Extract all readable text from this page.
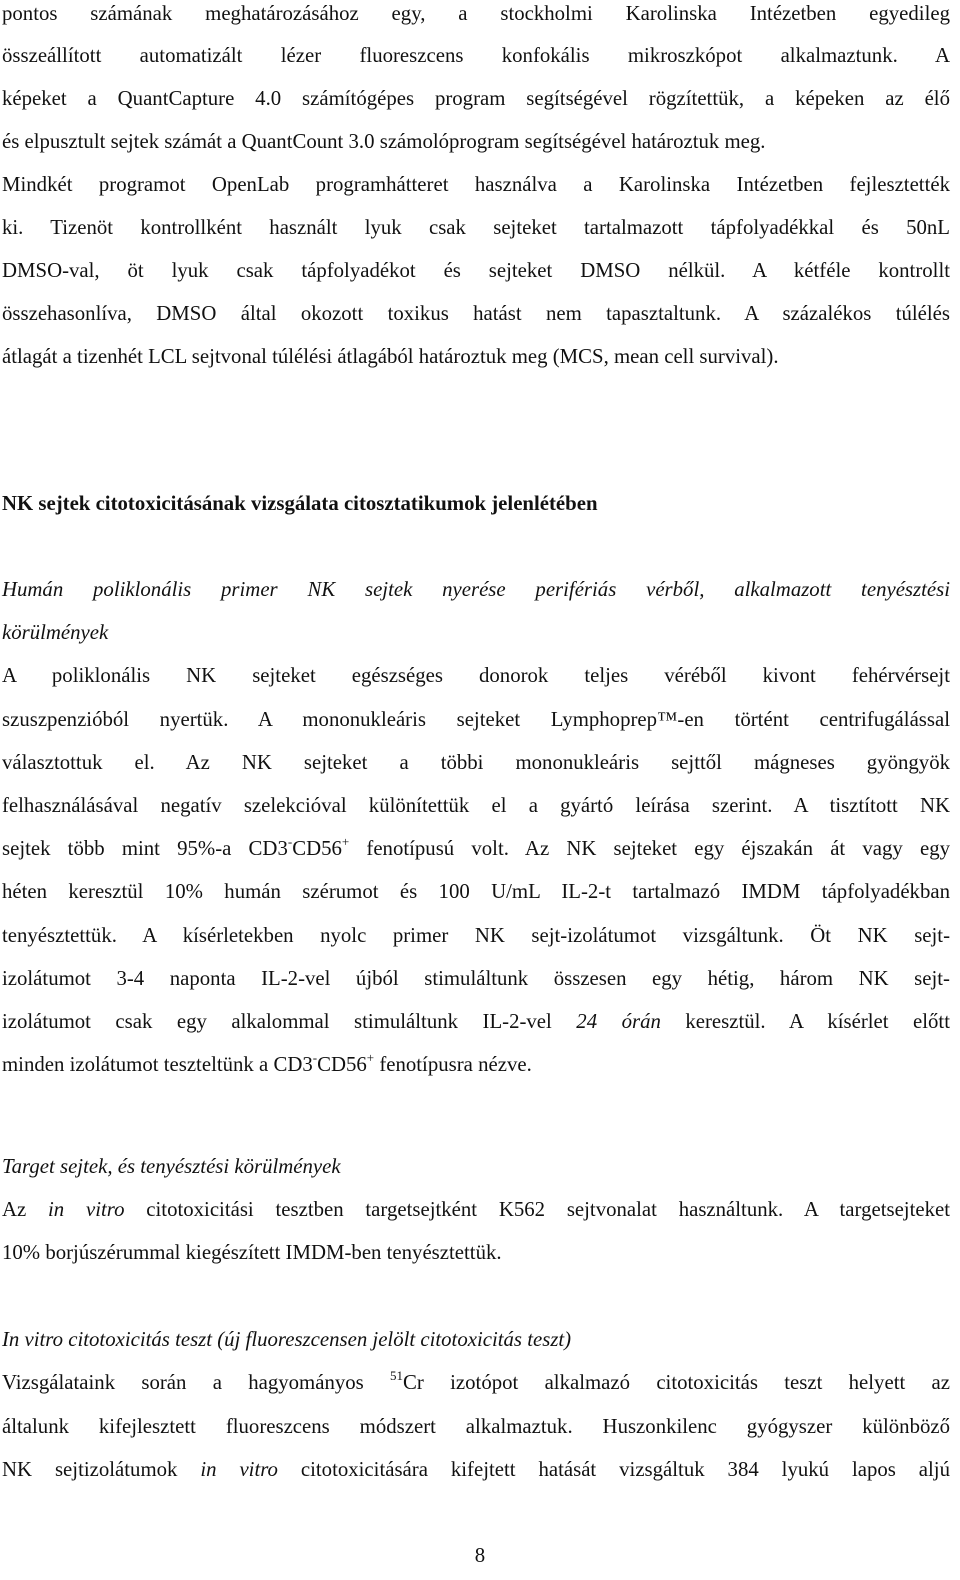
pontos számának meghatározásához egy, a stockholmi Karolinska Intézetben egyedileg
összeállított automatizált lézer fluoreszcens konfokális mikroszkópot alkalmaztunk. A
képeket a QuantCapture 4.0 számítógépes program segítségével rögzítettük, a képeken az élő
és elpusztult sejtek számát a QuantCount 3.0 számolóprogram segítségével határoztuk meg.
Mindkét programot OpenLab programhátteret használva a Karolinska Intézetben fejlesztették
ki. Tizenöt kontrollként használt lyuk csak sejteket tartalmazott tápfolyadékkal és 50nL
DMSO-val, öt lyuk csak tápfolyadékot és sejteket DMSO nélkül. A kétféle kontrollt
összehasonlíva, DMSO által okozott toxikus hatást nem tapasztaltunk. A százalékos túlélés
átlagát a tizenhét LCL sejtvonal túlélési átlagából határoztuk meg (MCS, mean cell survival).
NK sejtek citotoxicitásának vizsgálata citosztatikumok jelenlétében
Humán poliklonális primer NK sejtek nyerése perifériás vérből, alkalmazott tenyésztési
körülmények
A poliklonális NK sejteket egészséges donorok teljes véréből kivont fehérvérsejt
szuszpenzióból nyertük. A mononukleáris sejteket Lymphoprep™-en történt centrifugálással
választottuk el. Az NK sejteket a többi mononukleáris sejttől mágneses gyöngyök
felhasználásával negatív szelekcióval különítettük el a gyártó leírása szerint. A tisztított NK
sejtek több mint 95%-a CD3-CD56+ fenotípusú volt. Az NK sejteket egy éjszakán át vagy egy
héten keresztül 10% humán szérumot és 100 U/mL IL-2-t tartalmazó IMDM tápfolyadékban
tenyésztettük. A kísérletekben nyolc primer NK sejt-izolátumot vizsgáltunk. Öt NK sejt-
izolátumot 3-4 naponta IL-2-vel újból stimuláltunk összesen egy hétig, három NK sejt-
izolátumot csak egy alkalommal stimuláltunk IL-2-vel 24 órán keresztül. A kísérlet előtt
minden izolátumot teszteltünk a CD3-CD56+ fenotípusra nézve.
Target sejtek, és tenyésztési körülmények
Az in vitro citotoxicitási tesztben targetsejtként K562 sejtvonalat használtunk. A targetsejteket
10% borjúszérummal kiegészített IMDM-ben tenyésztettük.
In vitro citotoxicitás teszt (új fluoreszcensen jelölt citotoxicitás teszt)
Vizsgálataink során a hagyományos $^{51}$Cr izotópot alkalmazó citotoxicitás teszt helyett az
általunk kifejlesztett fluoreszcens módszert alkalmaztuk. Huszonkilenc gyógyszer különböző
NK sejtizolátumok in vitro citotoxicitására kifejtett hatását vizsgáltuk 384 lyukú lapos aljú
8
